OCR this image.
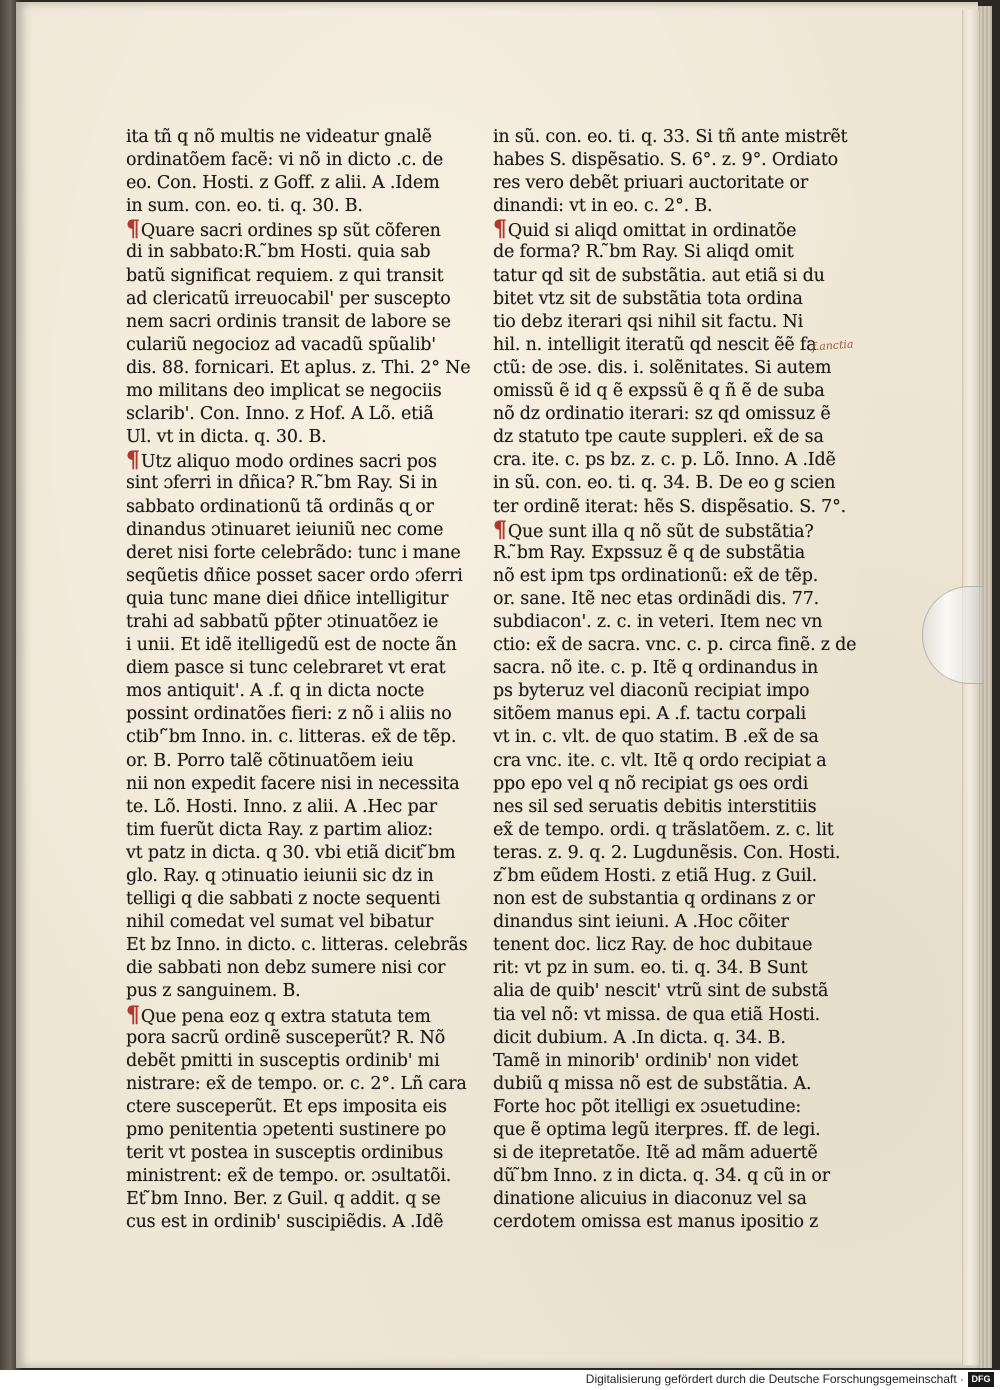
ita tñ q nõ multis ne videatur gnalẽ
ordinatõem facẽ: vi nõ in dicto .c. de
eo. Con. Hosti. z Goff. z alii. A .Idem
in sum. con. eo. ti. q. 30. B.
¶Quare sacri ordines sp sũt cõferen
di in sabbato:R. ̃bm Hosti. quia sab
batũ significat requiem. z qui transit
ad clericatũ irreuocabil' per suscepto
nem sacri ordinis transit de labore se
culariũ negocioz ad vacadũ spũalib'
dis. 88. fornicari. Et aplus. z. Thi. 2° Ne
mo militans deo implicat se negociis
sclarib'. Con. Inno. z Hof. A Lõ. etiã
Ul. vt in dicta. q. 30. B.
¶Utz aliquo modo ordines sacri pos
sint ɔferri in dñica? R. ̃bm Ray. Si in
sabbato ordinationũ tã ordinãs ɋ or
dinandus ɔtinuaret ieiuniũ nec come
deret nisi forte celebrãdo: tunc i mane
seqũetis dñice posset sacer ordo ɔferri
quia tunc mane diei dñice intelligitur
trahi ad sabbatũ pp̃ter ɔtinuatõez ie
i unii. Et idẽ itelligedũ est de nocte ãn
diem pasce si tunc celebraret vt erat
mos antiquit'. A .f. q in dicta nocte
possint ordinatões fieri: z nõ i aliis no
ctib' ̃bm Inno. in. c. litteras. ex̃ de tẽp.
or. B. Porro talẽ cõtinuatõem ieiu
nii non expedit facere nisi in necessita
te. Lõ. Hosti. Inno. z alii. A .Hec par
tim fuerũt dicta Ray. z partim alioz:
vt patz in dicta. q 30. vbi etiã dicit ̃bm
glo. Ray. q ɔtinuatio ieiunii sic dz in
telligi q die sabbati z nocte sequenti
nihil comedat vel sumat vel bibatur
Et bz Inno. in dicto. c. litteras. celebrãs
die sabbati non debz sumere nisi cor
pus z sanguinem. B.
¶Que pena eoz q extra statuta tem
pora sacrũ ordinẽ susceperũt? R. Nõ
debẽt pmitti in susceptis ordinib' mi
nistrare: ex̃ de tempo. or. c. 2°. Lñ cara
ctere susceperũt. Et eps imposita eis
pmo penitentia ɔpetenti sustinere po
terit vt postea in susceptis ordinibus
ministrent: ex̃ de tempo. or. ɔsultatõi.
Et ̃bm Inno. Ber. z Guil. q addit. q se
cus est in ordinib' suscipiẽdis. A .Idẽ
in sũ. con. eo. ti. q. 33. Si tñ ante mistrẽt
habes S. dispẽsatio. S. 6°. z. 9°. Ordiato
res vero debẽt priuari auctoritate or
dinandi: vt in eo. c. 2°. B.
¶Quid si aliqd omittat in ordinatõe
de forma? R. ̃bm Ray. Si aliqd omit
tatur qd sit de substãtia. aut etiã si du
bitet vtz sit de substãtia tota ordina
tio debz iterari qsi nihil sit factu. Ni
hil. n. intelligit iteratũ qd nescit ẽẽ fa
ctũ: de ɔse. dis. i. solẽnitates. Si autem
omissũ ẽ id q ẽ expssũ ẽ q ñ ẽ de suba
nõ dz ordinatio iterari: sz qd omissuz ẽ
dz statuto tpe caute suppleri. ex̃ de sa
cra. ite. c. ps bz. z. c. p. Lõ. Inno. A .Idẽ
in sũ. con. eo. ti. q. 34. B. De eo g scien
ter ordinẽ iterat: hẽs S. dispẽsatio. S. 7°.
¶Que sunt illa q nõ sũt de substãtia?
R. ̃bm Ray. Expssuz ẽ q de substãtia
nõ est ipm tps ordinationũ: ex̃ de tẽp.
or. sane. Itẽ nec etas ordinãdi dis. 77.
subdiacon'. z. c. in veteri. Item nec vn
ctio: ex̃ de sacra. vnc. c. p. circa finẽ. z de
sacra. nõ ite. c. p. Itẽ q ordinandus in
ps byteruz vel diaconũ recipiat impo
sitõem manus epi. A .f. tactu corpali
vt in. c. vlt. de quo statim. B .ex̃ de sa
cra vnc. ite. c. vlt. Itẽ q ordo recipiat a
ppo epo vel q nõ recipiat gs oes ordi
nes sil sed seruatis debitis interstitiis
ex̃ de tempo. ordi. q trãslatõem. z. c. lit
teras. z. 9. q. 2. Lugdunẽsis. Con. Hosti.
z ̃bm eũdem Hosti. z etiã Hug. z Guil.
non est de substantia q ordinans z or
dinandus sint ieiuni. A .Hoc cõiter
tenent doc. licz Ray. de hoc dubitaue
rit: vt pz in sum. eo. ti. q. 34. B Sunt
alia de quib' nescit' vtrũ sint de substã
tia vel nõ: vt missa. de qua etiã Hosti.
dicit dubium. A .In dicta. q. 34. B.
Tamẽ in minorib' ordinib' non videt
dubiũ q missa nõ est de substãtia. A.
Forte hoc põt itelligi ex ɔsuetudine:
que ẽ optima legũ iterpres. ff. de legi.
si de itepretatõe. Itẽ ad mãm aduertẽ
dũ ̃bm Inno. z in dicta. q. 34. q cũ in or
dinatione alicuius in diaconuz vel sa
cerdotem omissa est manus ipositio z
f.anctia
Digitalisierung gefördert durch die Deutsche Forschungsgemeinschaft · DFG
